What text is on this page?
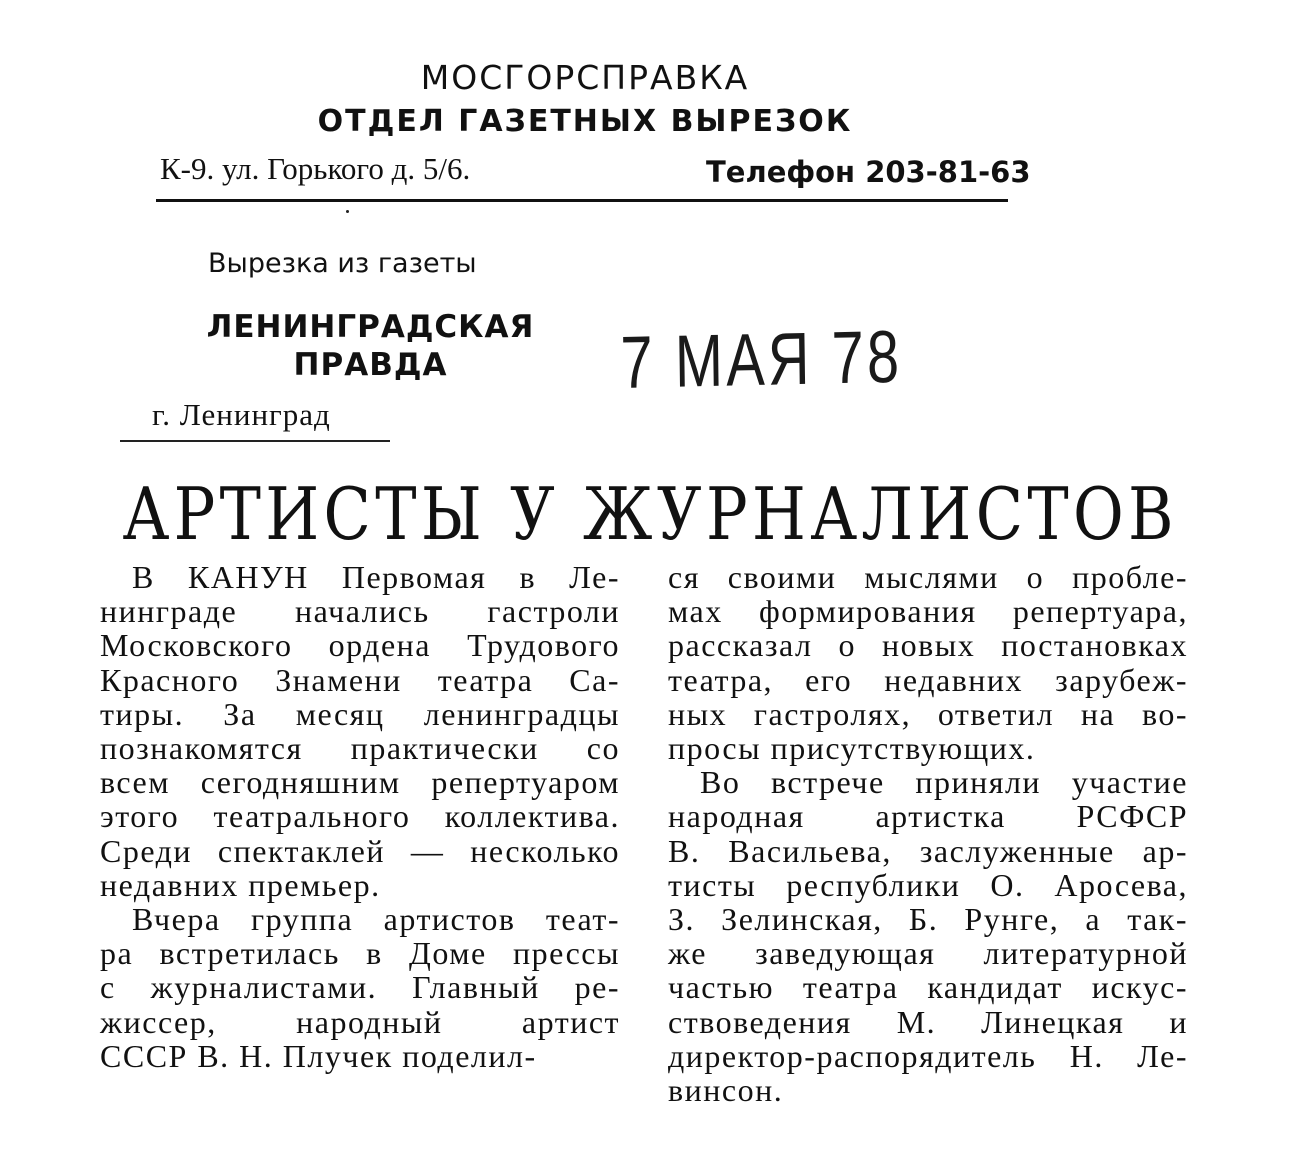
МОСГОРСПРАВКА
ОТДЕЛ ГАЗЕТНЫХ ВЫРЕЗОК
К-9. ул. Горького д. 5/6.	Телефон 203-81-63
Вырезка из газеты
ЛЕНИНГРАДСКАЯ
ПРАВДА
г. Ленинград
7 МАЯ 78
АРТИСТЫ У ЖУРНАЛИСТОВ

В КАНУН Первомая в Ле-
нинграде начались гастроли
Московского ордена Трудового
Красного Знамени театра Са-
тиры. За месяц ленинградцы
познакомятся практически со
всем сегодняшним репертуаром
этого театрального коллектива.
Среди спектаклей — несколько
недавних премьер.

Вчера группа артистов теат-
ра встретилась в Доме прессы
с журналистами. Главный ре-
жиссер, народный артист
СССР В. Н. Плучек поделил-

ся своими мыслями о пробле-
мах формирования репертуара,
рассказал о новых постановках
театра, его недавних зарубеж-
ных гастролях, ответил на во-
просы присутствующих.

Во встрече приняли участие
народная артистка РСФСР
В. Васильева, заслуженные ар-
тисты республики О. Аросева,
З. Зелинская, Б. Рунге, а так-
же заведующая литературной
частью театра кандидат искус-
ствоведения М. Линецкая и
директор-распорядитель Н. Ле-
винсон.
